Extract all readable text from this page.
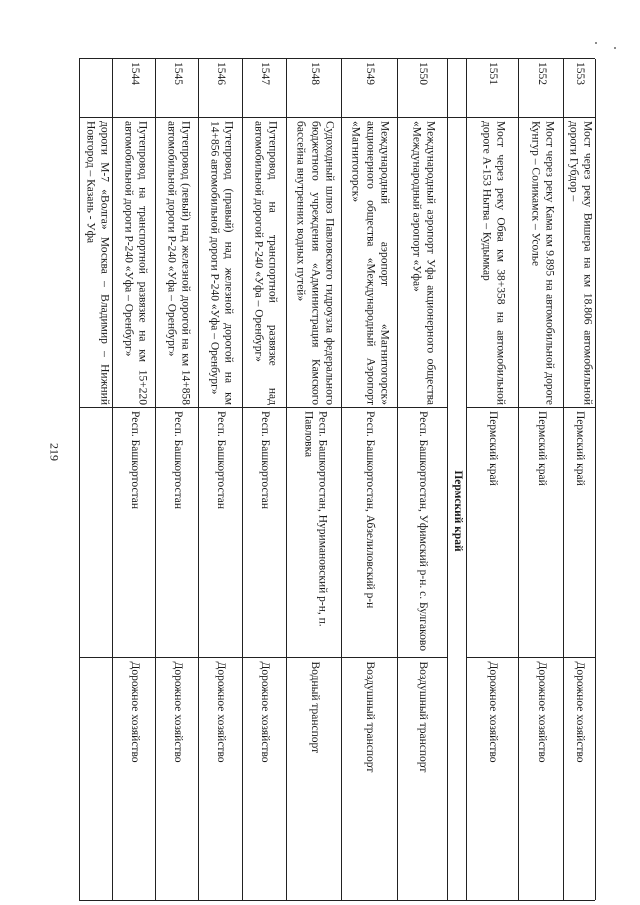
219
дороги М-7 «Волга» Москва – Владимир – Нижний Новгород – Казань - Уфа
1544
Путепровод на транспортной развязке на км 15+220 автомобильной дороги Р-240 «Уфа – Оренбург»
Респ. Башкортостан
Дорожное хозяйство
1545
Путепровод (левый) над железной дорогой на км 14+858 автомобильной дороги Р-240 «Уфа – Оренбург»
Респ. Башкортостан
Дорожное хозяйство
1546
Путепровод (правый) над железной дорогой на км 14+856 автомобильной дороги Р-240 «Уфа – Оренбург»
Респ. Башкортостан
Дорожное хозяйство
1547
Путепровод на транспортной развязке над автомобильной дорогой Р-240 «Уфа – Оренбург»
Респ. Башкортостан
Дорожное хозяйство
1548
Судоходный шлюз Павловского гидроузла федерального бюджетного учреждения «Администрация Камского бассейна внутренних водных путей»
Респ. Башкортостан, Нуримановский р-н, п. Павловка
Водный транспорт
1549
Международный аэропорт «Магнитогорск» акционерного общества «Международный Аэропорт «Магнитогорск»
Респ. Башкортостан, Абзелиловский р-н
Воздушный транспорт
1550
Международный аэропорт Уфа акционерного общества «Международный аэропорт «Уфа»
Респ. Башкортостан, Уфимский р-н. с. Булгаково
Воздушный транспорт
Пермский край
1551
Мост через реку Обва км 38+358 на автомобильной дороге А-153 Нытва – Кудымкар
Пермский край
Дорожное хозяйство
1552
Мост через реку Кама км 9.895 на автомобильной дороге Кунгур – Соликамск – Усолье
Пермский край
Дорожное хозяйство
1553
Мост через реку Вишера на км 18.806 автомобильной дороги Губдор –
Пермский край
Дорожное хозяйство
